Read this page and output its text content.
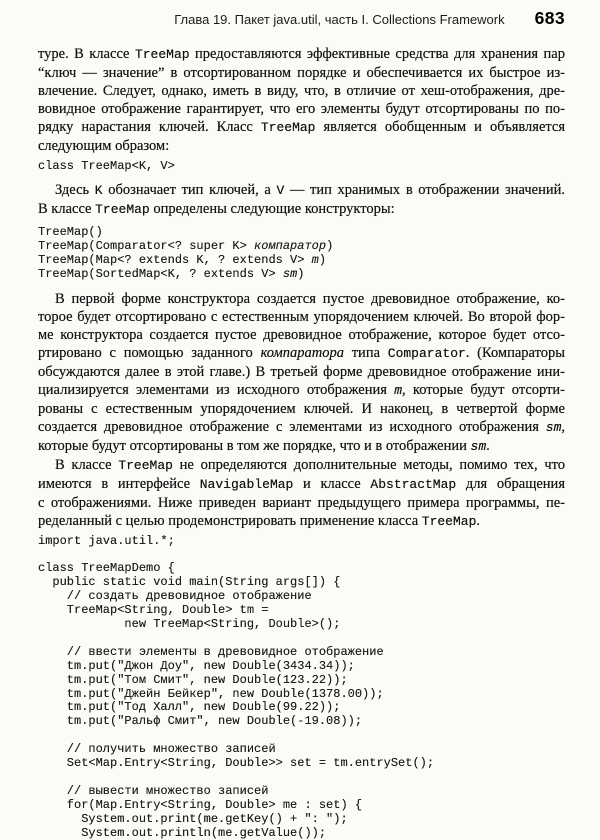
Глава 19. Пакет java.util, часть I. Collections Framework 683
туре. В классе TreeMap предоставляются эффективные средства для хранения пар
“ключ — значение” в отсортированном порядке и обеспечивается их быстрое из-
влечение. Следует, однако, иметь в виду, что, в отличие от хеш-отображения, дре-
вовидное отображение гарантирует, что его элементы будут отсортированы по по-
рядку нарастания ключей. Класс TreeMap является обобщенным и объявляется
следующим образом:
class TreeMap<K, V>
Здесь K обозначает тип ключей, а V — тип хранимых в отображении значений.
В классе TreeMap определены следующие конструкторы:
TreeMap()
TreeMap(Comparator<? super K> компаратор)
TreeMap(Map<? extends K, ? extends V> m)
TreeMap(SortedMap<K, ? extends V> sm)
В первой форме конструктора создается пустое древовидное отображение, ко-
торое будет отсортировано с естественным упорядочением ключей. Во второй фор-
ме конструктора создается пустое древовидное отображение, которое будет отсо-
ртировано с помощью заданного компаратора типа Comparator. (Компараторы
обсуждаются далее в этой главе.) В третьей форме древовидное отображение ини-
циализируется элементами из исходного отображения m, которые будут отсорти-
рованы с естественным упорядочением ключей. И наконец, в четвертой форме
создается древовидное отображение с элементами из исходного отображения sm,
которые будут отсортированы в том же порядке, что и в отображении sm.
В классе TreeMap не определяются дополнительные методы, помимо тех, что
имеются в интерфейсе NavigableMap и классе AbstractMap для обращения
с отображениями. Ниже приведен вариант предыдущего примера программы, пе-
ределанный с целью продемонстрировать применение класса TreeMap.
import java.util.*;

class TreeMapDemo {
public static void main(String args[]) {
// создать древовидное отображение
TreeMap<String, Double> tm =
new TreeMap<String, Double>();

// ввести элементы в древовидное отображение
tm.put("Джон Доу", new Double(3434.34));
tm.put("Том Смит", new Double(123.22));
tm.put("Джейн Бейкер", new Double(1378.00));
tm.put("Тод Халл", new Double(99.22));
tm.put("Ральф Смит", new Double(-19.08));

// получить множество записей
Set<Map.Entry<String, Double>> set = tm.entrySet();

// вывести множество записей
for(Map.Entry<String, Double> me : set) {
System.out.print(me.getKey() + ": ");
System.out.println(me.getValue());
